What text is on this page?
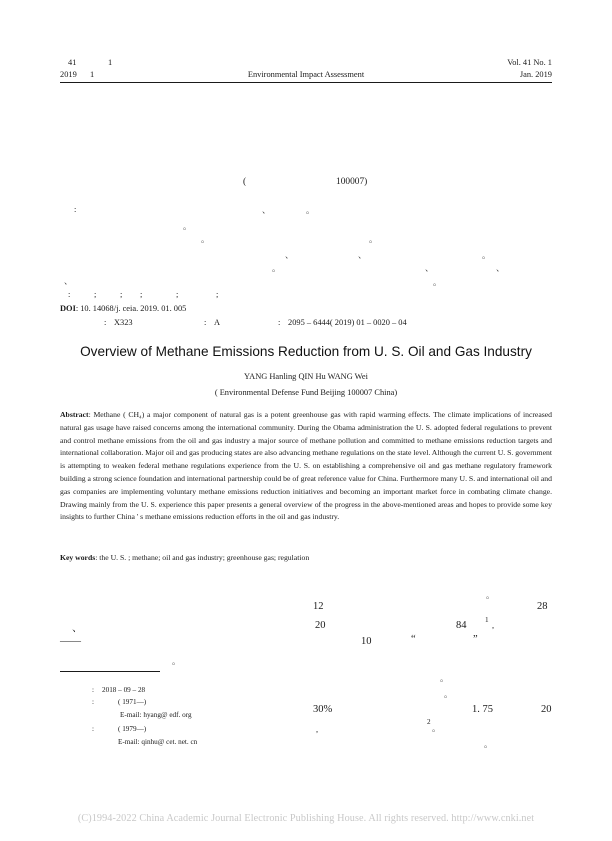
41	1
2019 1	Environmental Impact Assessment
Vol. 41 No. 1
Jan. 2019
(	100007)
:	、	。
。
。	。
、	、	。
。	、	、
、	。
:	;	; ;	;	;
DOI: 10. 14068/j. ceia. 2019. 01. 005
: X323	: A	: 2095 – 6444( 2019) 01 – 0020 – 04
Overview of Methane Emissions Reduction from U. S. Oil and Gas Industry
YANG Hanling QIN Hu WANG Wei
( Environmental Defense Fund Beijing 100007 China)
Abstract: Methane ( CH₄) a major component of natural gas is a potent greenhouse gas with rapid warming effects. The climate implications of increased natural gas usage have raised concerns among the international community. During the Obama administration the U. S. adopted federal regulations to prevent and control methane emissions from the oil and gas industry a major source of methane pollution and committed to methane emissions reduction targets and international collaboration. Major oil and gas producing states are also advancing methane regulations on the state level. Although the current U. S. government is attempting to weaken federal methane regulations experience from the U. S. on establishing a comprehensive oil and gas methane regulatory framework building a strong science foundation and international partnership could be of great reference value for China. Furthermore many U. S. and international oil and gas companies are implementing voluntary methane emissions reduction initiatives and becoming an important market force in combating climate change. Drawing mainly from the U. S. experience this paper presents a general overview of the progress in the above-mentioned areas and hopes to provide some key insights to further China ' s methane emissions reduction efforts in the oil and gas industry.
Key words: the U. S. ; methane; oil and gas industry; greenhouse gas; regulation
。
12	28
、	20	84	1
,
——	10	“	”
。
。
。
30%	1. 75	20
2
。
,
。
: 2018 – 09 – 28
:	( 1971—)
E-mail: hyang@ edf. org
:	( 1979—)
E-mail: qinhu@ cet. net. cn
(C)1994-2022 China Academic Journal Electronic Publishing House. All rights reserved. http://www.cnki.net
